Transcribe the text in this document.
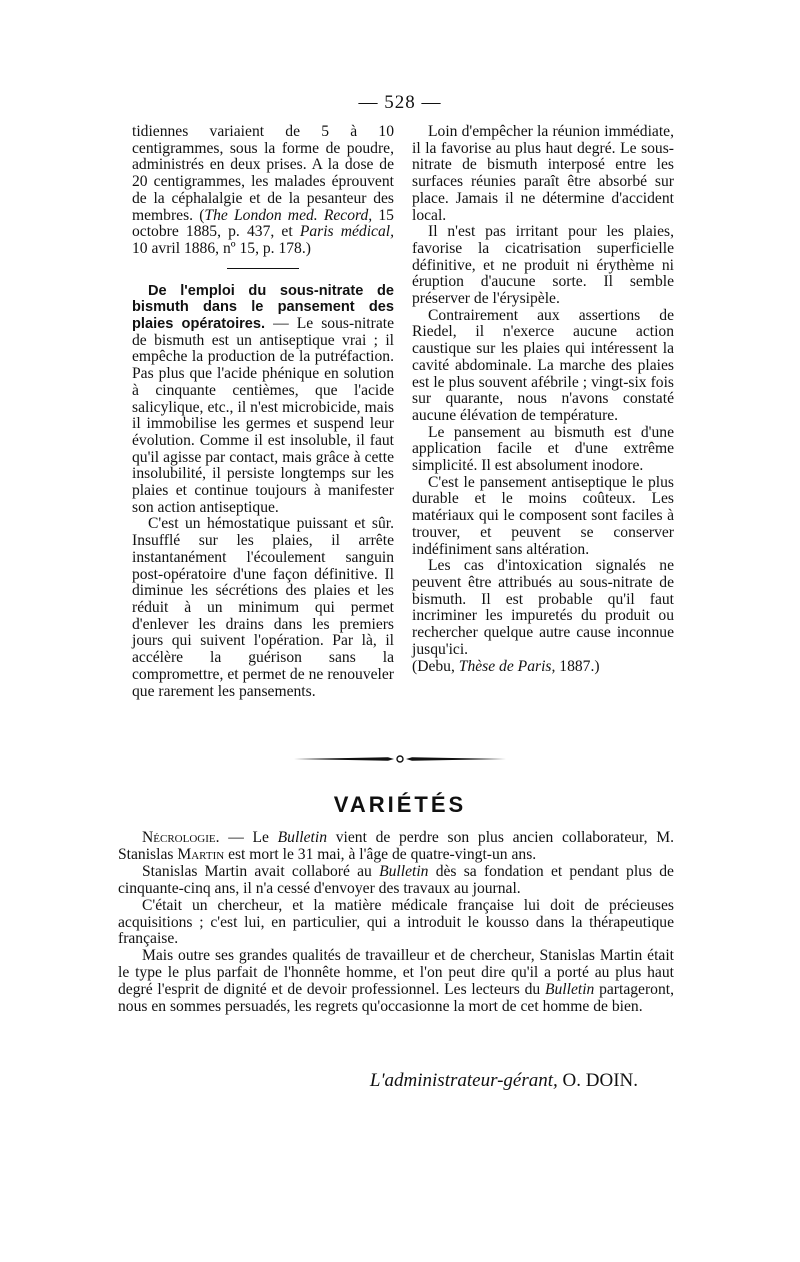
— 528 —

tidiennes variaient de 5 à 10 centigrammes, sous la forme de poudre, administrés en deux prises. A la dose de 20 centigrammes, les malades éprouvent de la céphalalgie et de la pesanteur des membres. (The London med. Record, 15 octobre 1885, p. 437, et Paris médical, 10 avril 1886, nº 15, p. 178.)

De l'emploi du sous-nitrate de bismuth dans le pansement des plaies opératoires. — Le sous-nitrate de bismuth est un antiseptique vrai ; il empêche la production de la putréfaction. Pas plus que l'acide phénique en solution à cinquante centièmes, que l'acide salicylique, etc., il n'est microbicide, mais il immobilise les germes et suspend leur évolution. Comme il est insoluble, il faut qu'il agisse par contact, mais grâce à cette insolubilité, il persiste longtemps sur les plaies et continue toujours à manifester son action antiseptique.

C'est un hémostatique puissant et sûr. Insufflé sur les plaies, il arrête instantanément l'écoulement sanguin post-opératoire d'une façon définitive. Il diminue les sécrétions des plaies et les réduit à un minimum qui permet d'enlever les drains dans les premiers jours qui suivent l'opération. Par là, il accélère la guérison sans la compromettre, et permet de ne renouveler que rarement les pansements.

Loin d'empêcher la réunion immédiate, il la favorise au plus haut degré. Le sous-nitrate de bismuth interposé entre les surfaces réunies paraît être absorbé sur place. Jamais il ne détermine d'accident local.

Il n'est pas irritant pour les plaies, favorise la cicatrisation superficielle définitive, et ne produit ni érythème ni éruption d'aucune sorte. Il semble préserver de l'érysipèle.

Contrairement aux assertions de Riedel, il n'exerce aucune action caustique sur les plaies qui intéressent la cavité abdominale. La marche des plaies est le plus souvent afébrile ; vingt-six fois sur quarante, nous n'avons constaté aucune élévation de température.

Le pansement au bismuth est d'une application facile et d'une extrême simplicité. Il est absolument inodore.

C'est le pansement antiseptique le plus durable et le moins coûteux. Les matériaux qui le composent sont faciles à trouver, et peuvent se conserver indéfiniment sans altération.

Les cas d'intoxication signalés ne peuvent être attribués au sous-nitrate de bismuth. Il est probable qu'il faut incriminer les impuretés du produit ou rechercher quelque autre cause inconnue jusqu'ici.

(Debu, Thèse de Paris, 1887.)

VARIÉTÉS

Nécrologie. — Le Bulletin vient de perdre son plus ancien collaborateur, M. Stanislas Martin est mort le 31 mai, à l'âge de quatre-vingt-un ans.

Stanislas Martin avait collaboré au Bulletin dès sa fondation et pendant plus de cinquante-cinq ans, il n'a cessé d'envoyer des travaux au journal.

C'était un chercheur, et la matière médicale française lui doit de précieuses acquisitions ; c'est lui, en particulier, qui a introduit le kousso dans la thérapeutique française.

Mais outre ses grandes qualités de travailleur et de chercheur, Stanislas Martin était le type le plus parfait de l'honnête homme, et l'on peut dire qu'il a porté au plus haut degré l'esprit de dignité et de devoir professionnel. Les lecteurs du Bulletin partageront, nous en sommes persuadés, les regrets qu'occasionne la mort de cet homme de bien.

L'administrateur-gérant, O. DOIN.
